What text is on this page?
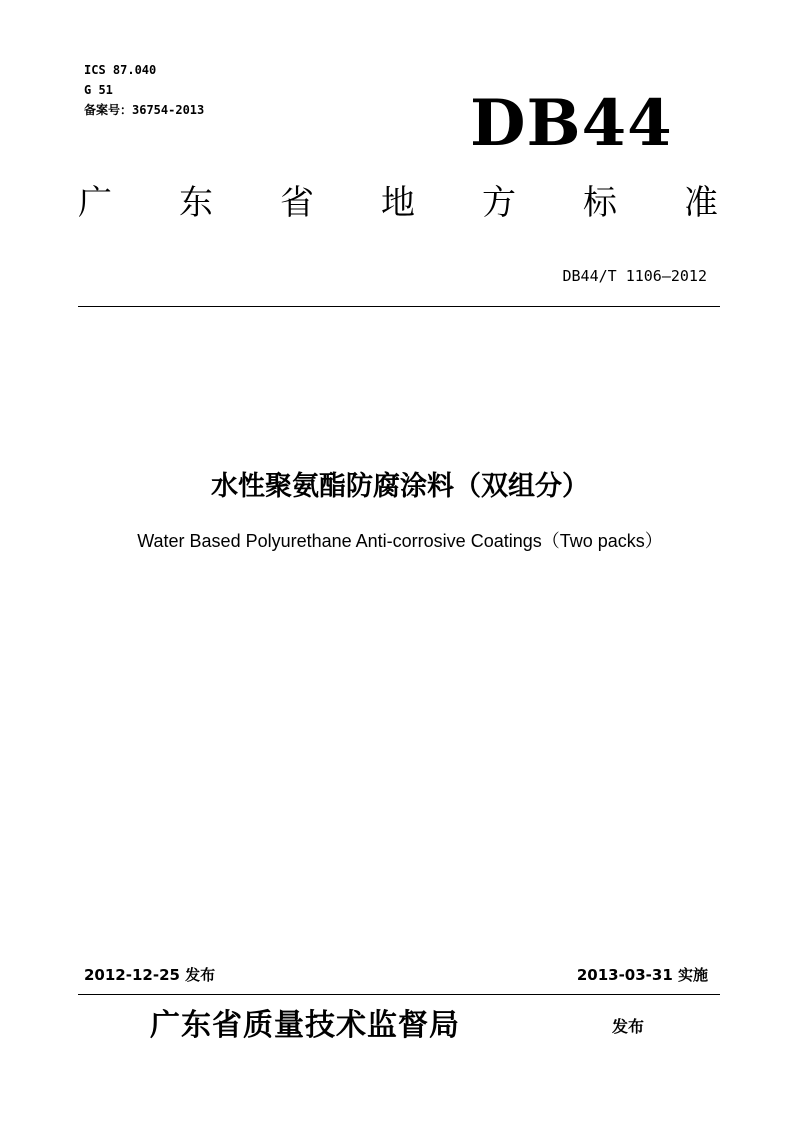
ICS 87.040
G 51
备案号：36754-2013	DB44
广 东 省 地 方 标 准
DB44/T 1106—2012
水性聚氨酯防腐涂料（双组分）
Water Based Polyurethane Anti-corrosive Coatings（Two packs）
2012-12-25 发布	2013-03-31 实施
广东省质量技术监督局	发布
